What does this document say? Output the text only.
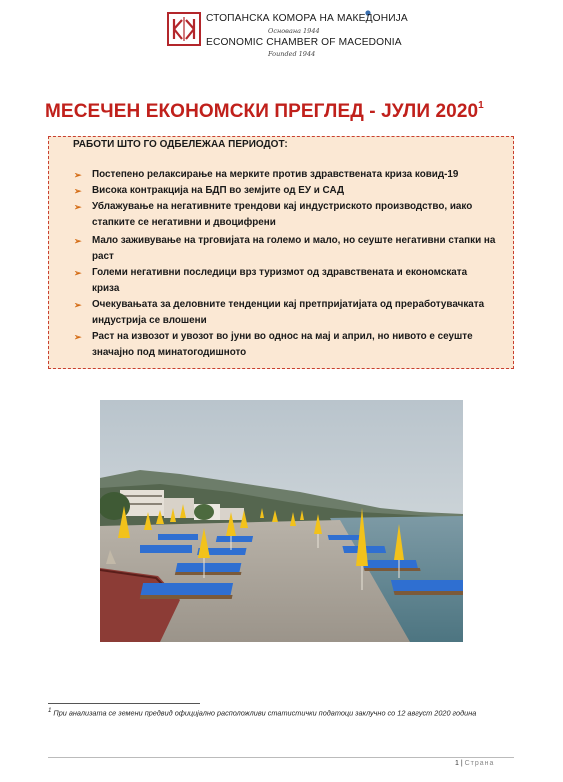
СТОПАНСКА КОМОРА НА МАКЕДОНИЈА
Основана 1944
ECONOMIC CHAMBER OF MACEDONIA
Founded 1944
МЕСЕЧЕН ЕКОНОМСКИ ПРЕГЛЕД - ЈУЛИ 2020$^1$
РАБОТИ ШТО ГО ОДБЕЛЕЖАА ПЕРИОДОТ:
➢ Постепено релаксирање на мерките против здравствената криза ковид-19
➢ Висока контракција на БДП во земјите од ЕУ и САД
➢ Ублажување на негативните трендови кај индустриското производство, иако
стапките се негативни и двоцифрени
➢ Мало заживување на трговијата на големо и мало, но сеуште негативни стапки на
раст
➢ Големи негативни последици врз туризмот од здравствената и економската
криза
➢ Очекувањата за деловните тенденции кај претпријатијата од преработувачката
индустрија се влошени
➢ Раст на извозот и увозот во јуни во однос на мај и април, но нивото е сеуште
значајно под минатогодишното
$^1$ При анализата се земени предвид официјално расположливи статистички податоци заклучно со 12 август 2020 година
1 | Страна
